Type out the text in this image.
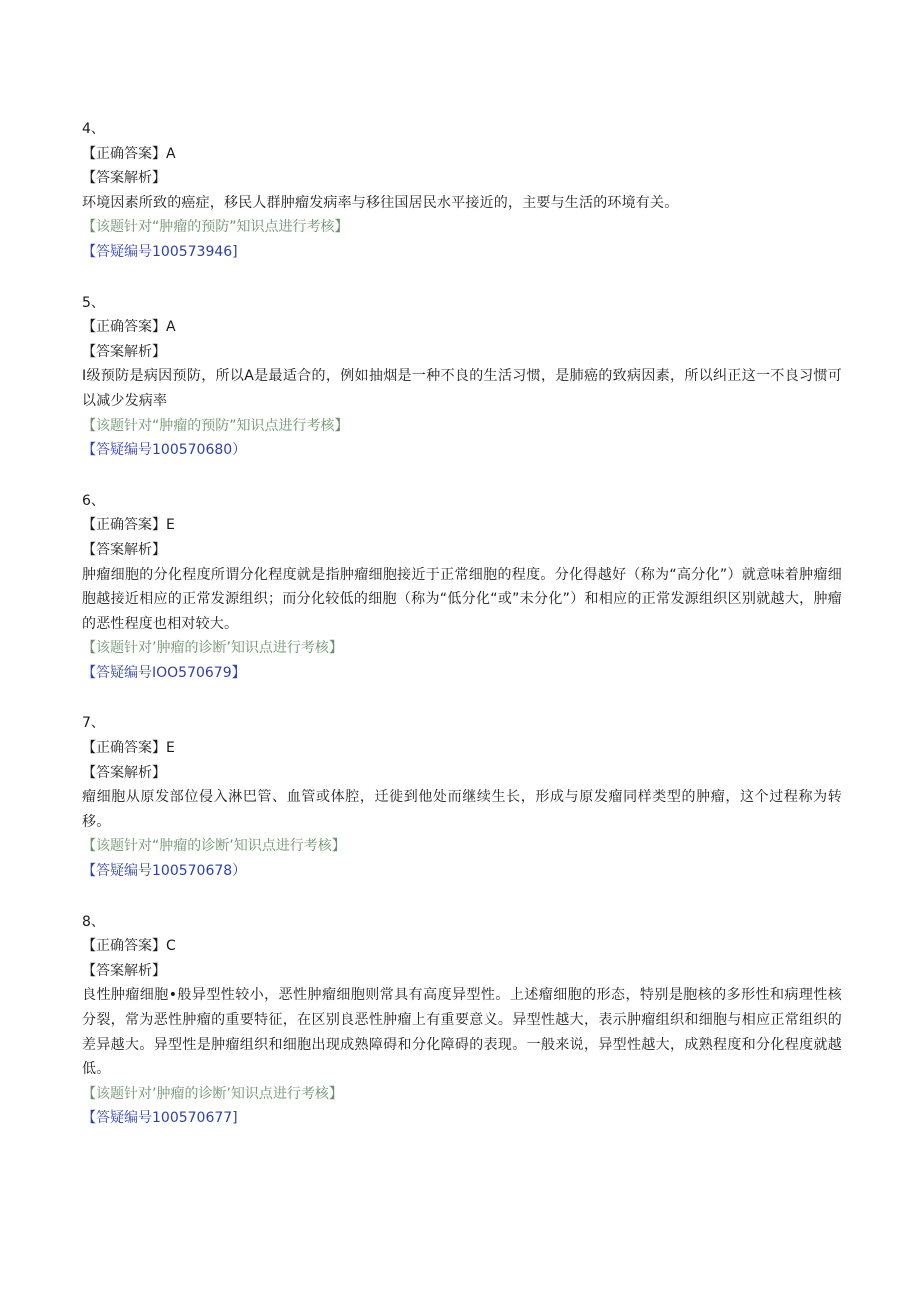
4、
【正确答案】A
【答案解析】
环境因素所致的癌症，移民人群肿瘤发病率与移往国居民水平接近的，主要与生活的环境有关。
【该题针对“肿瘤的预防”知识点进行考核】
【答疑编号100573946]
5、
【正确答案】A
【答案解析】
I级预防是病因预防，所以A是最适合的，例如抽烟是一种不良的生活习惯，是肺癌的致病因素，所以纠正这一不良习惯可以减少发病率
【该题针对“肿瘤的预防”知识点进行考核】
【答疑编号100570680）
6、
【正确答案】E
【答案解析】
肿瘤细胞的分化程度所谓分化程度就是指肿瘤细胞接近于正常细胞的程度。分化得越好（称为“高分化”）就意味着肿瘤细胞越接近相应的正常发源组织；而分化较低的细胞（称为“低分化“或”未分化”）和相应的正常发源组织区别就越大，肿瘤的恶性程度也相对较大。
【该题针对’肿瘤的诊断’知识点进行考核】
【答疑编号IOO570679】
7、
【正确答案】E
【答案解析】
瘤细胞从原发部位侵入淋巴管、血管或体腔，迁徙到他处而继续生长，形成与原发瘤同样类型的肿瘤，这个过程称为转移。
【该题针对“肿瘤的诊断’知识点进行考核】
【答疑编号100570678）
8、
【正确答案】C
【答案解析】
良性肿瘤细胞•般异型性较小，恶性肿瘤细胞则常具有高度异型性。上述瘤细胞的形态，特别是胞核的多形性和病理性核分裂，常为恶性肿瘤的重要特征，在区别良恶性肿瘤上有重要意义。异型性越大，表示肿瘤组织和细胞与相应正常组织的差异越大。异型性是肿瘤组织和细胞出现成熟障碍和分化障碍的表现。一般来说，异型性越大，成熟程度和分化程度就越低。
【该题针对’肿瘤的诊断’知识点进行考核】
【答疑编号100570677]
